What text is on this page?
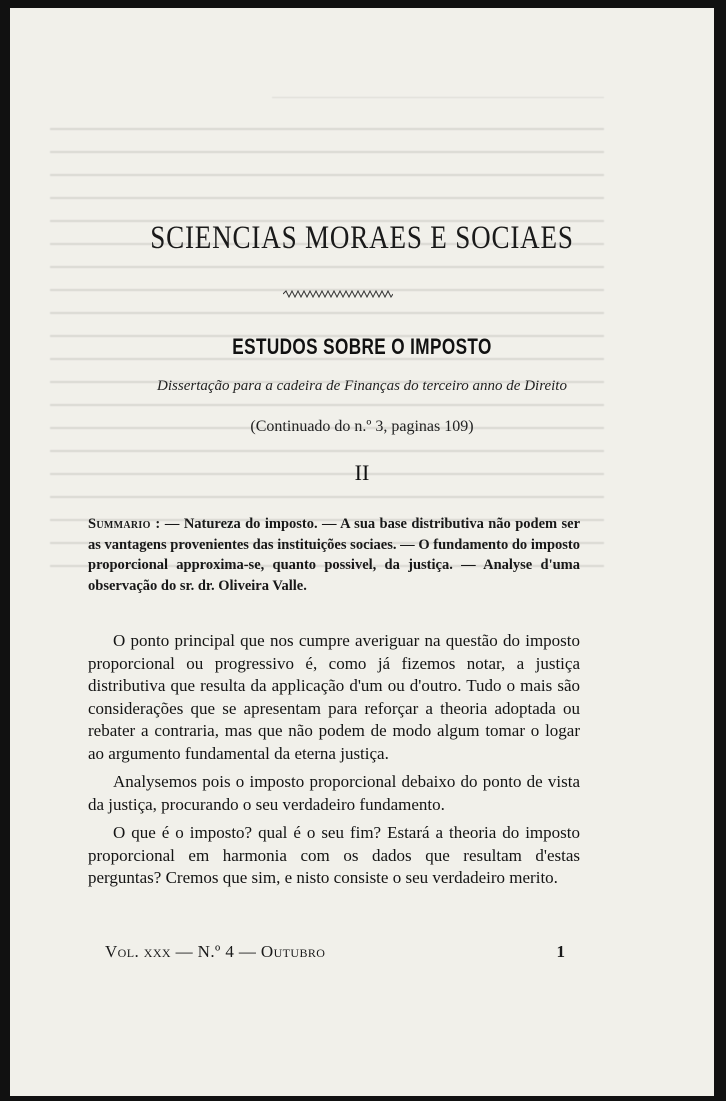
SCIENCIAS MORAES E SOCIAES
ESTUDOS SOBRE O IMPOSTO
Dissertação para a cadeira de Finanças do terceiro anno de Direito
(Continuado do n.º 3, paginas 109)
II
Summario : — Natureza do imposto. — A sua base distributiva não podem ser as vantagens provenientes das instituições sociaes. — O fundamento do imposto proporcional approxima-se, quanto possivel, da justiça. — Analyse d'uma observação do sr. dr. Oliveira Valle.

O ponto principal que nos cumpre averiguar na questão do imposto proporcional ou progressivo é, como já fizemos notar, a justiça distributiva que resulta da applicação d'um ou d'outro. Tudo o mais são considerações que se apresentam para reforçar a theoria adoptada ou rebater a contraria, mas que não podem de modo algum tomar o logar ao argumento fundamental da eterna justiça.

Analysemos pois o imposto proporcional debaixo do ponto de vista da justiça, procurando o seu verdadeiro fundamento.

O que é o imposto? qual é o seu fim? Estará a theoria do imposto proporcional em harmonia com os dados que resultam d'estas perguntas? Cremos que sim, e nisto consiste o seu verdadeiro merito.

Vol. xxx — N.º 4 — Outubro	1
